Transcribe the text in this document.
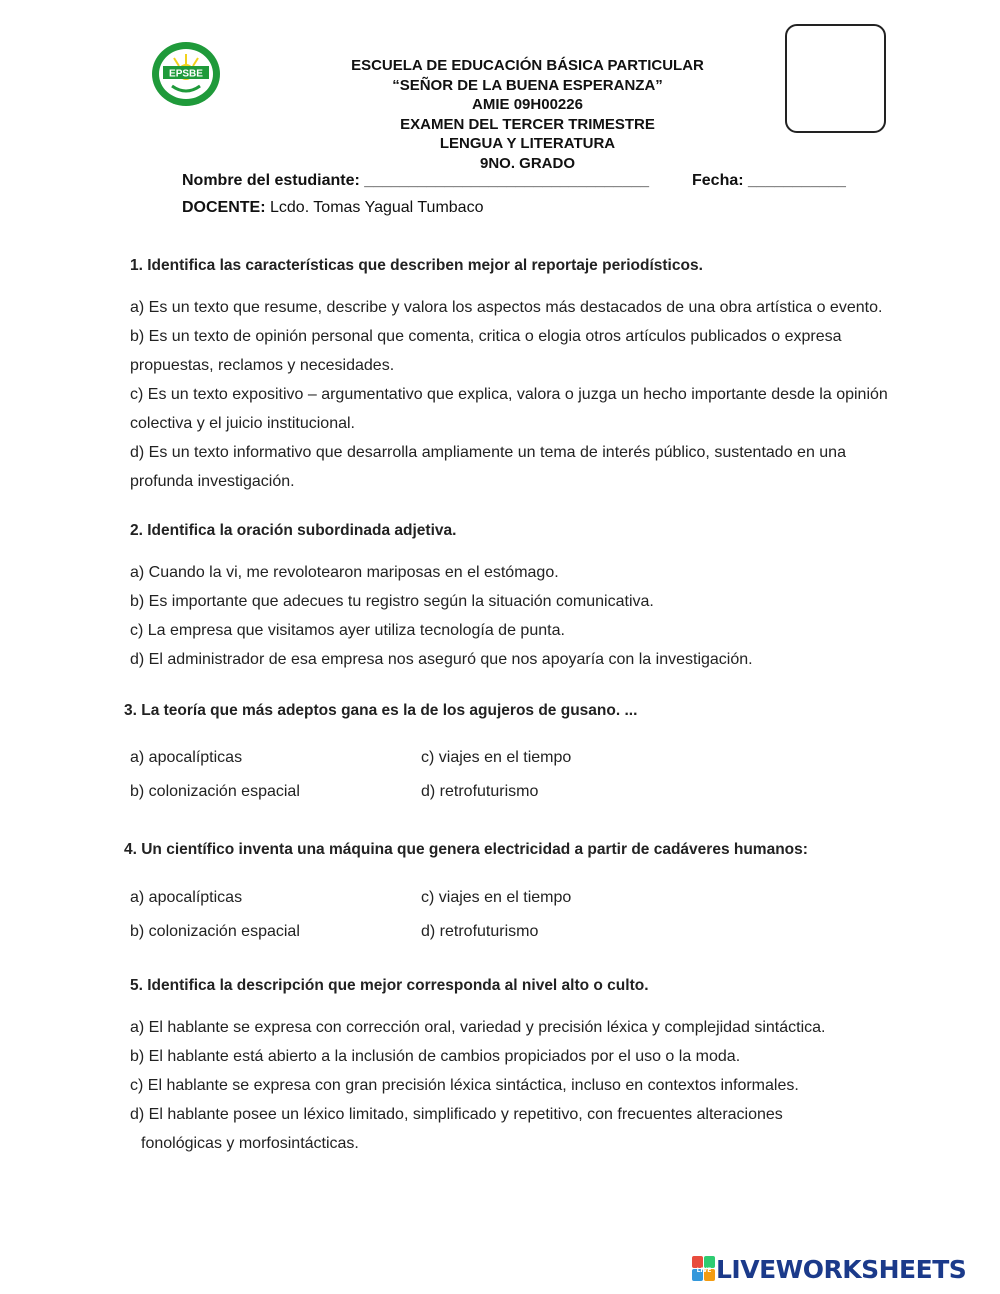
EPSBE	ESCUELA DE EDUCACIÓN BÁSICA PARTICULAR
“SEÑOR DE LA BUENA ESPERANZA”
AMIE 09H00226
EXAMEN DEL TERCER TRIMESTRE
LENGUA Y LITERATURA
9NO. GRADO
Nombre del estudiante: ________________________________	Fecha: ___________
DOCENTE: Lcdo. Tomas Yagual Tumbaco
1. Identifica las características que describen mejor al reportaje periodísticos.
a) Es un texto que resume, describe y valora los aspectos más destacados de una obra artística o evento.
b) Es un texto de opinión personal que comenta, critica o elogia otros artículos publicados o expresa
propuestas, reclamos y necesidades.
c) Es un texto expositivo – argumentativo que explica, valora o juzga un hecho importante desde la opinión
colectiva y el juicio institucional.
d) Es un texto informativo que desarrolla ampliamente un tema de interés público, sustentado en una
profunda investigación.
2. Identifica la oración subordinada adjetiva.
a) Cuando la vi, me revolotearon mariposas en el estómago.
b) Es importante que adecues tu registro según la situación comunicativa.
c) La empresa que visitamos ayer utiliza tecnología de punta.
d) El administrador de esa empresa nos aseguró que nos apoyaría con la investigación.
3. La teoría que más adeptos gana es la de los agujeros de gusano. ...
a) apocalípticas	c) viajes en el tiempo
b) colonización espacial	d) retrofuturismo
4. Un científico inventa una máquina que genera electricidad a partir de cadáveres humanos:
a) apocalípticas	c) viajes en el tiempo
b) colonización espacial	d) retrofuturismo
5. Identifica la descripción que mejor corresponda al nivel alto o culto.
a) El hablante se expresa con corrección oral, variedad y precisión léxica y complejidad sintáctica.
b) El hablante está abierto a la inclusión de cambios propiciados por el uso o la moda.
c) El hablante se expresa con gran precisión léxica sintáctica, incluso en contextos informales.
d) El hablante posee un léxico limitado, simplificado y repetitivo, con frecuentes alteraciones
fonológicas y morfosintácticas.
LIVE LIVEWORKSHEETS
